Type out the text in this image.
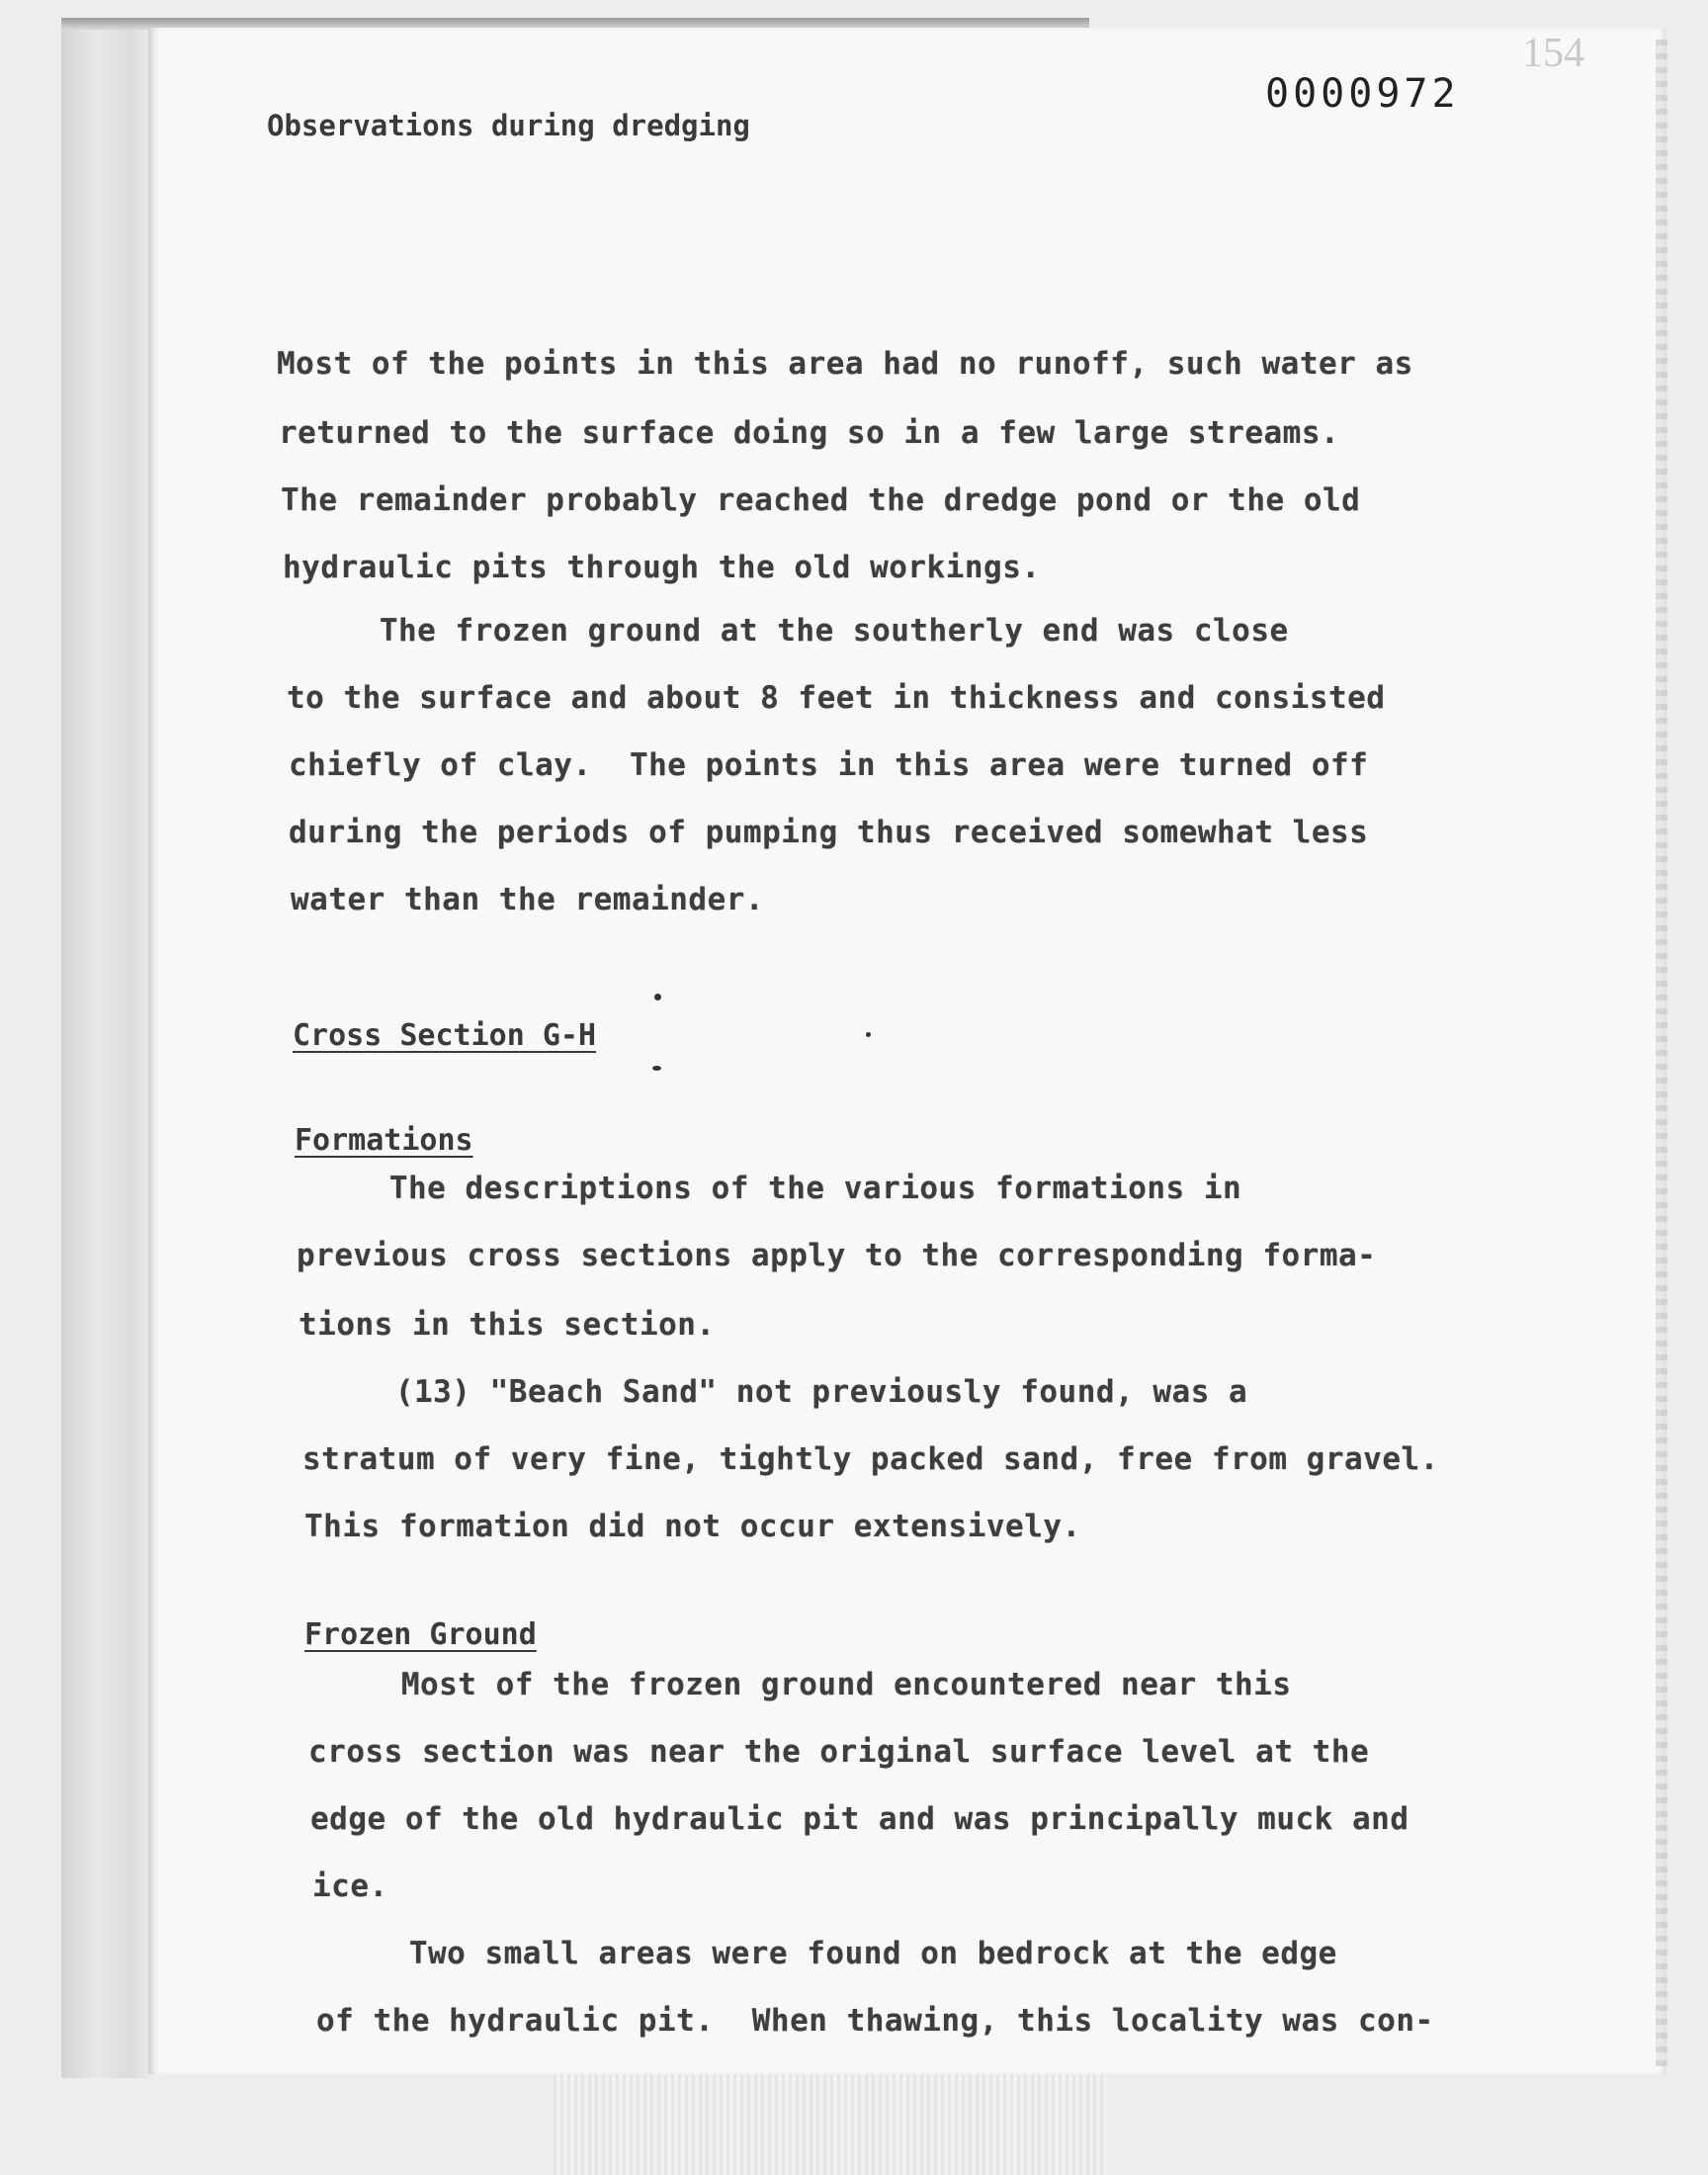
154
0000972
Observations during dredging
Most of the points in this area had no runoff, such water as
returned to the surface doing so in a few large streams.
The remainder probably reached the dredge pond or the old
hydraulic pits through the old workings.
The frozen ground at the southerly end was close
to the surface and about 8 feet in thickness and consisted
chiefly of clay.  The points in this area were turned off
during the periods of pumping thus received somewhat less
water than the remainder.
Cross Section G-H
Formations
The descriptions of the various formations in
previous cross sections apply to the corresponding forma-
tions in this section.
(13) "Beach Sand" not previously found, was a
stratum of very fine, tightly packed sand, free from gravel.
This formation did not occur extensively.
Frozen Ground
Most of the frozen ground encountered near this
cross section was near the original surface level at the
edge of the old hydraulic pit and was principally muck and
ice.
Two small areas were found on bedrock at the edge
of the hydraulic pit.  When thawing, this locality was con-
